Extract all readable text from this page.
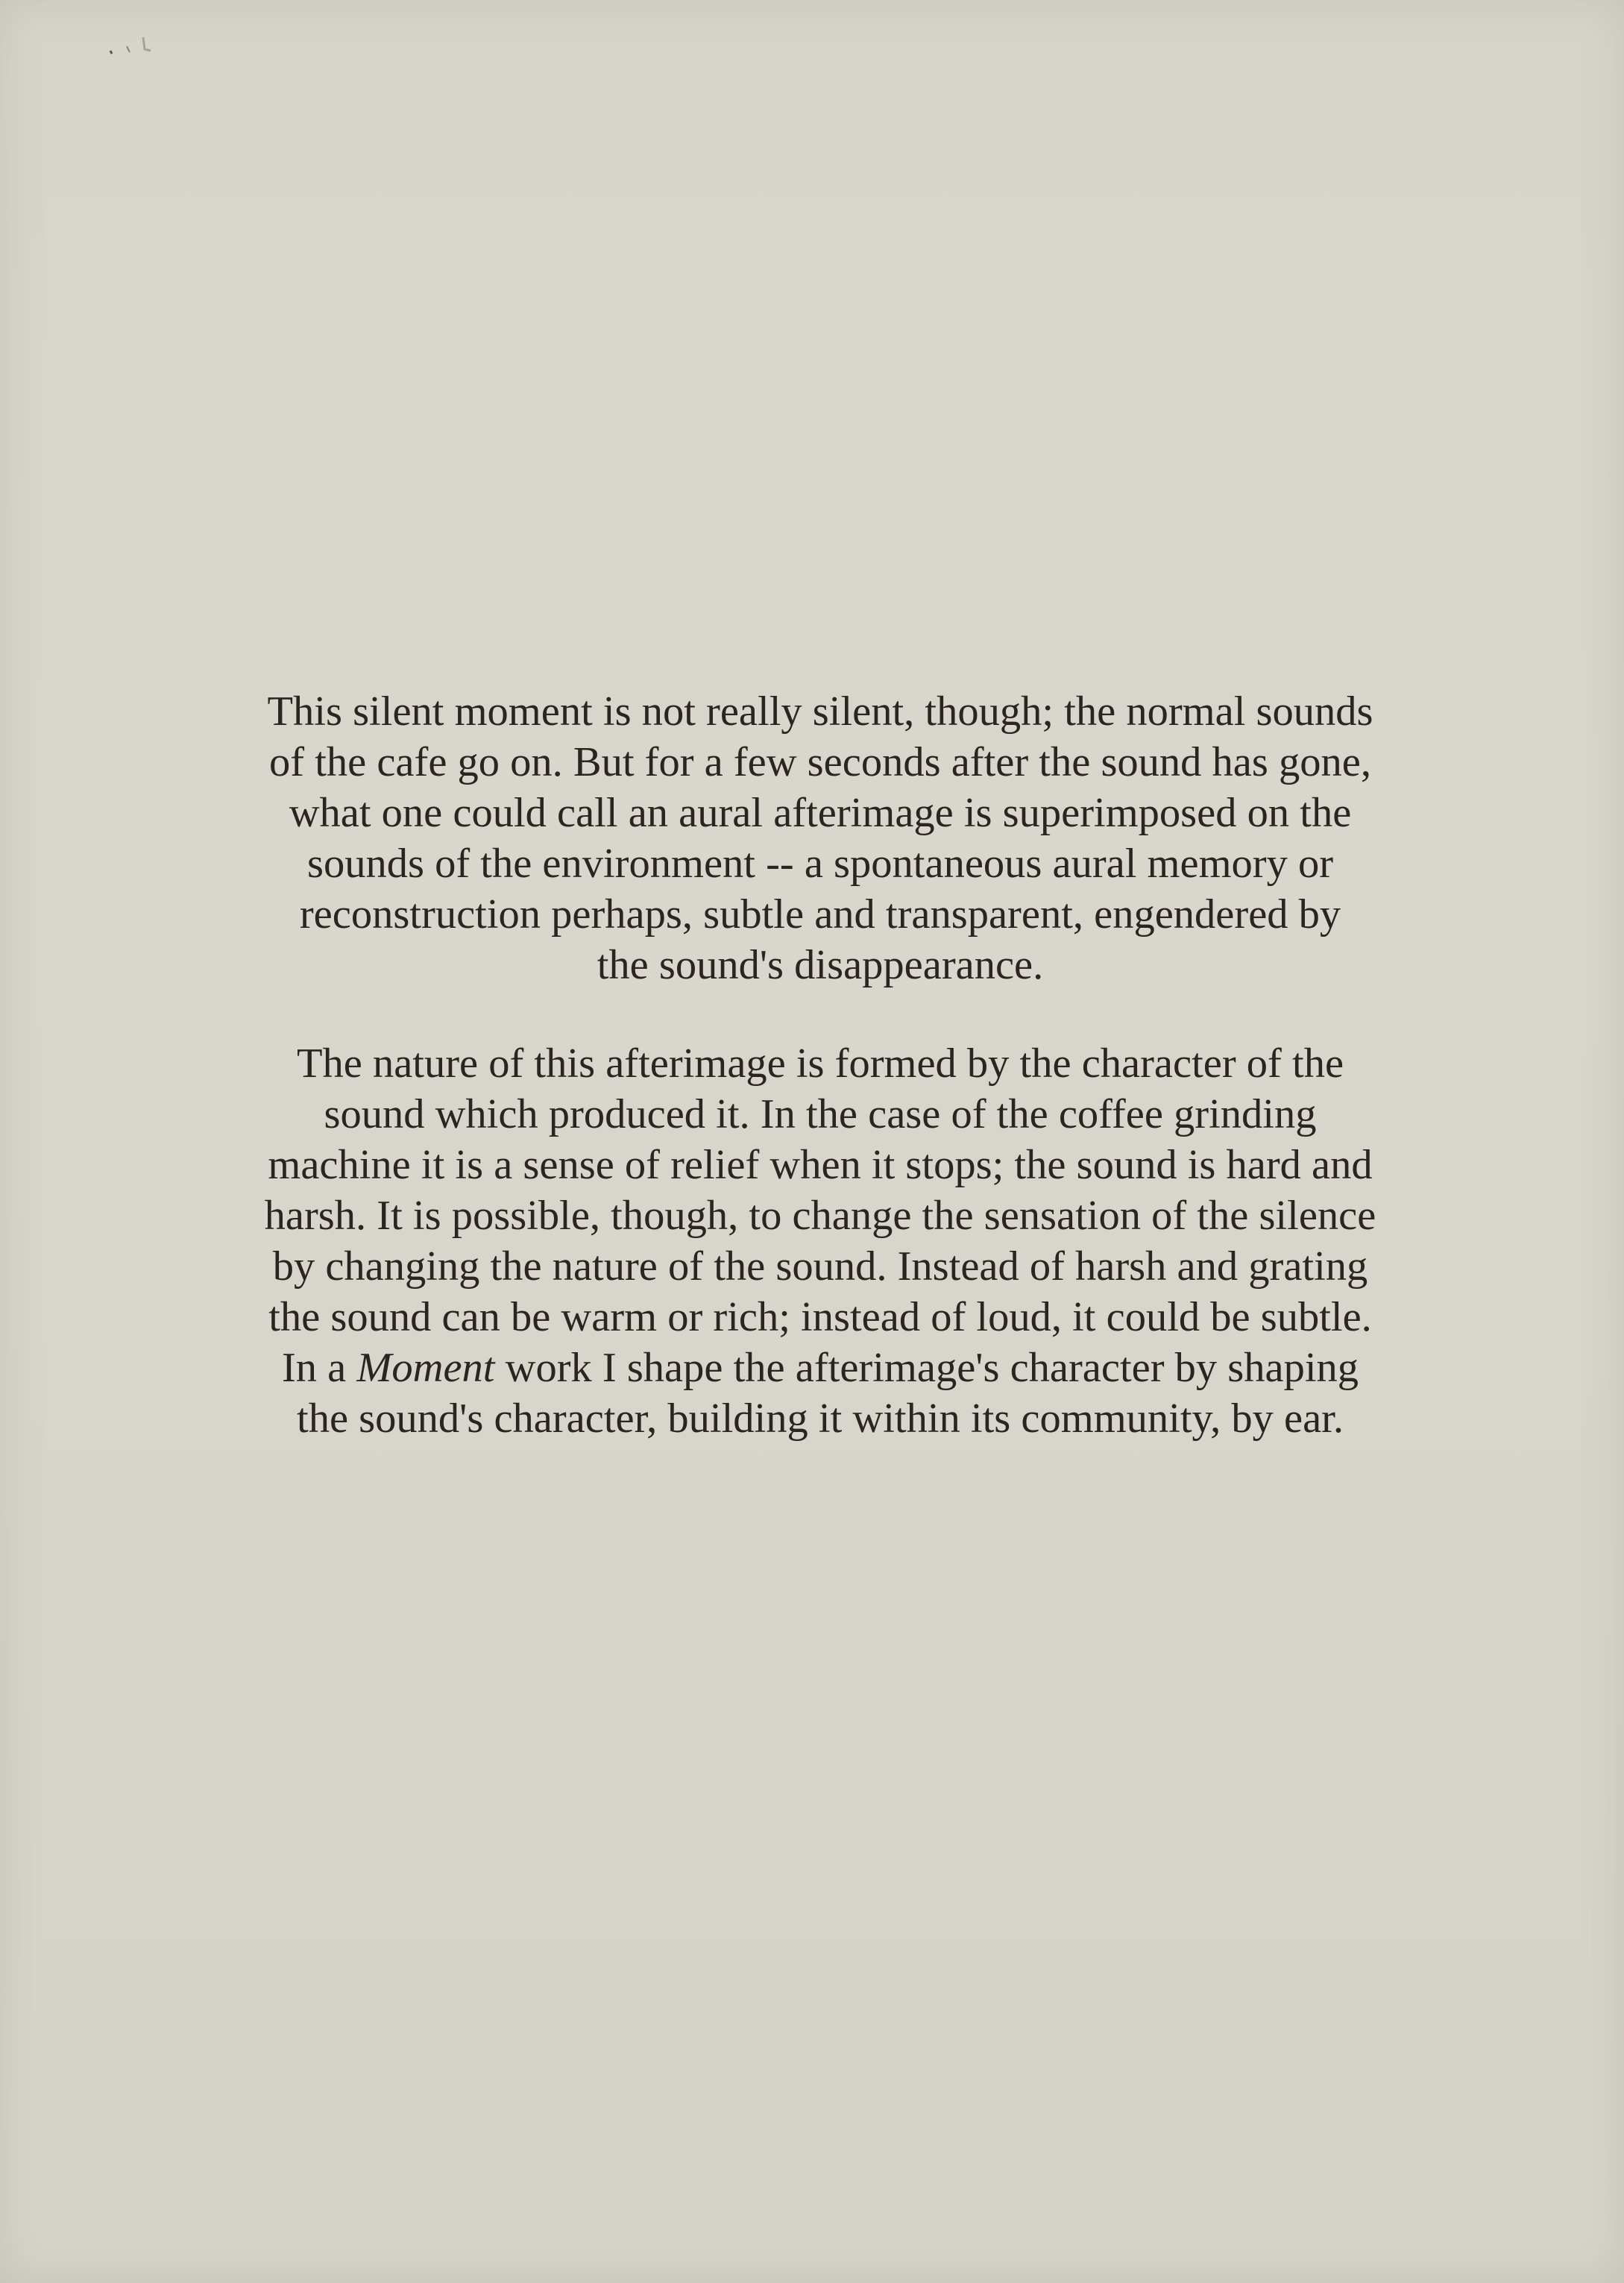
This silent moment is not really silent, though; the normal sounds
of the cafe go on. But for a few seconds after the sound has gone,
what one could call an aural afterimage is superimposed on the
sounds of the environment -- a spontaneous aural memory or
reconstruction perhaps, subtle and transparent, engendered by
the sound's disappearance.
The nature of this afterimage is formed by the character of the
sound which produced it. In the case of the coffee grinding
machine it is a sense of relief when it stops; the sound is hard and
harsh. It is possible, though, to change the sensation of the silence
by changing the nature of the sound. Instead of harsh and grating
the sound can be warm or rich; instead of loud, it could be subtle.
In a Moment work I shape the afterimage's character by shaping
the sound's character, building it within its community, by ear.
